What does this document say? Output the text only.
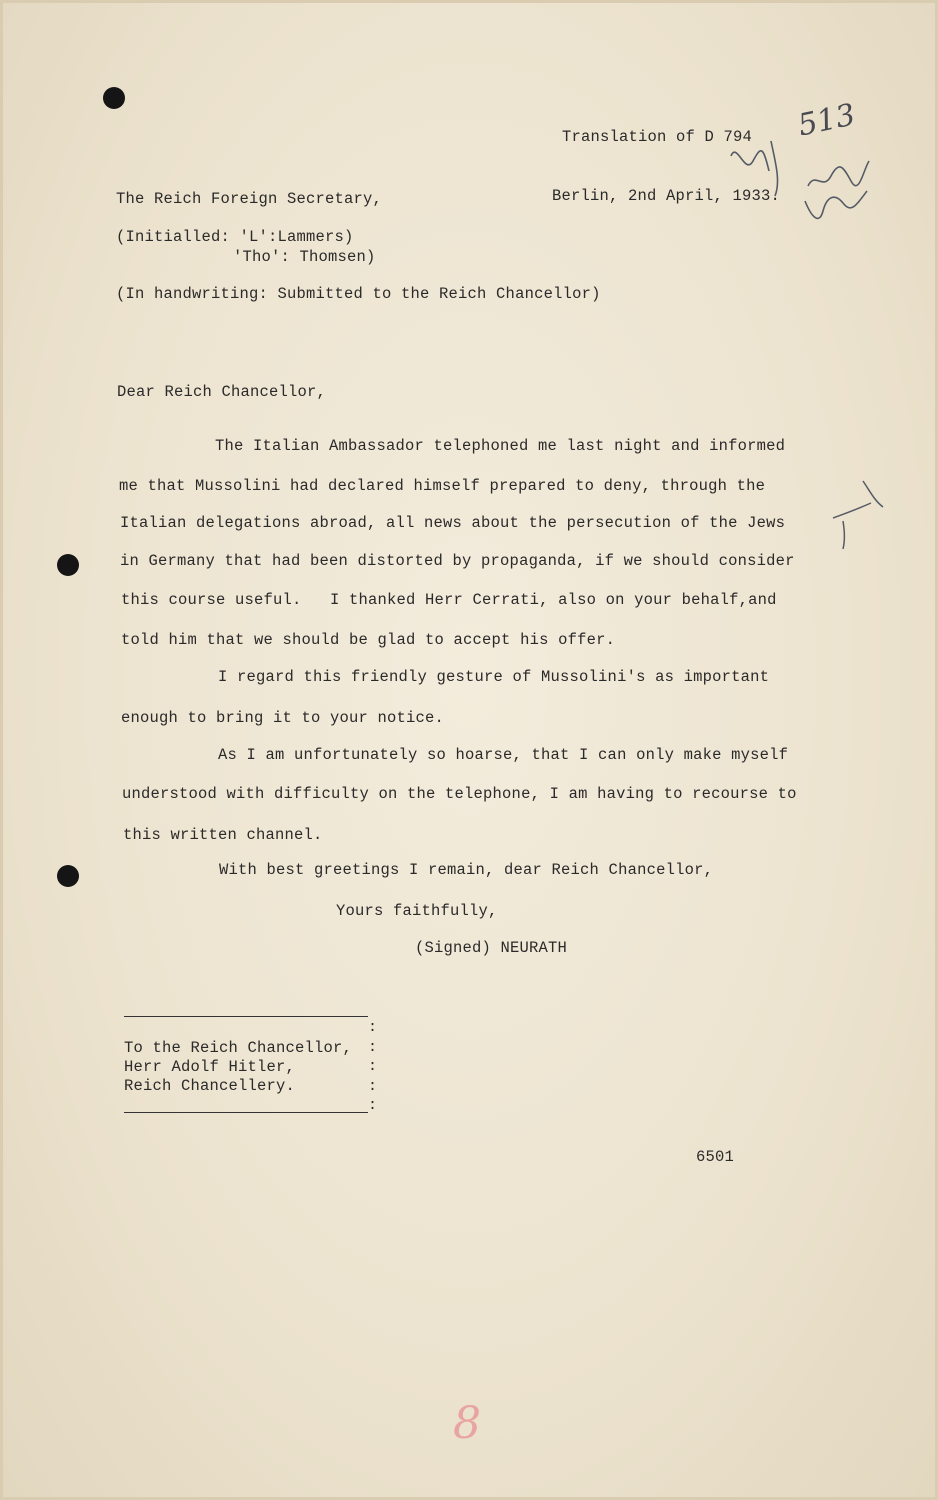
Translation of D 794
The Reich Foreign Secretary,	Berlin, 2nd April, 1933.
(Initialled: 'L':Lammers)
'Tho': Thomsen)
(In handwriting: Submitted to the Reich Chancellor)
513
Dear Reich Chancellor,
The Italian Ambassador telephoned me last night and informed
me that Mussolini had declared himself prepared to deny, through the
Italian delegations abroad, all news about the persecution of the Jews
in Germany that had been distorted by propaganda, if we should consider
this course useful.   I thanked Herr Cerrati, also on your behalf,and
told him that we should be glad to accept his offer.
I regard this friendly gesture of Mussolini's as important
enough to bring it to your notice.
As I am unfortunately so hoarse, that I can only make myself
understood with difficulty on the telephone, I am having to recourse to
this written channel.
With best greetings I remain, dear Reich Chancellor,
Yours faithfully,
(Signed) NEURATH
To the Reich Chancellor,
Herr Adolf Hitler,
Reich Chancellery.
:
:
:
:
:
6501
8
